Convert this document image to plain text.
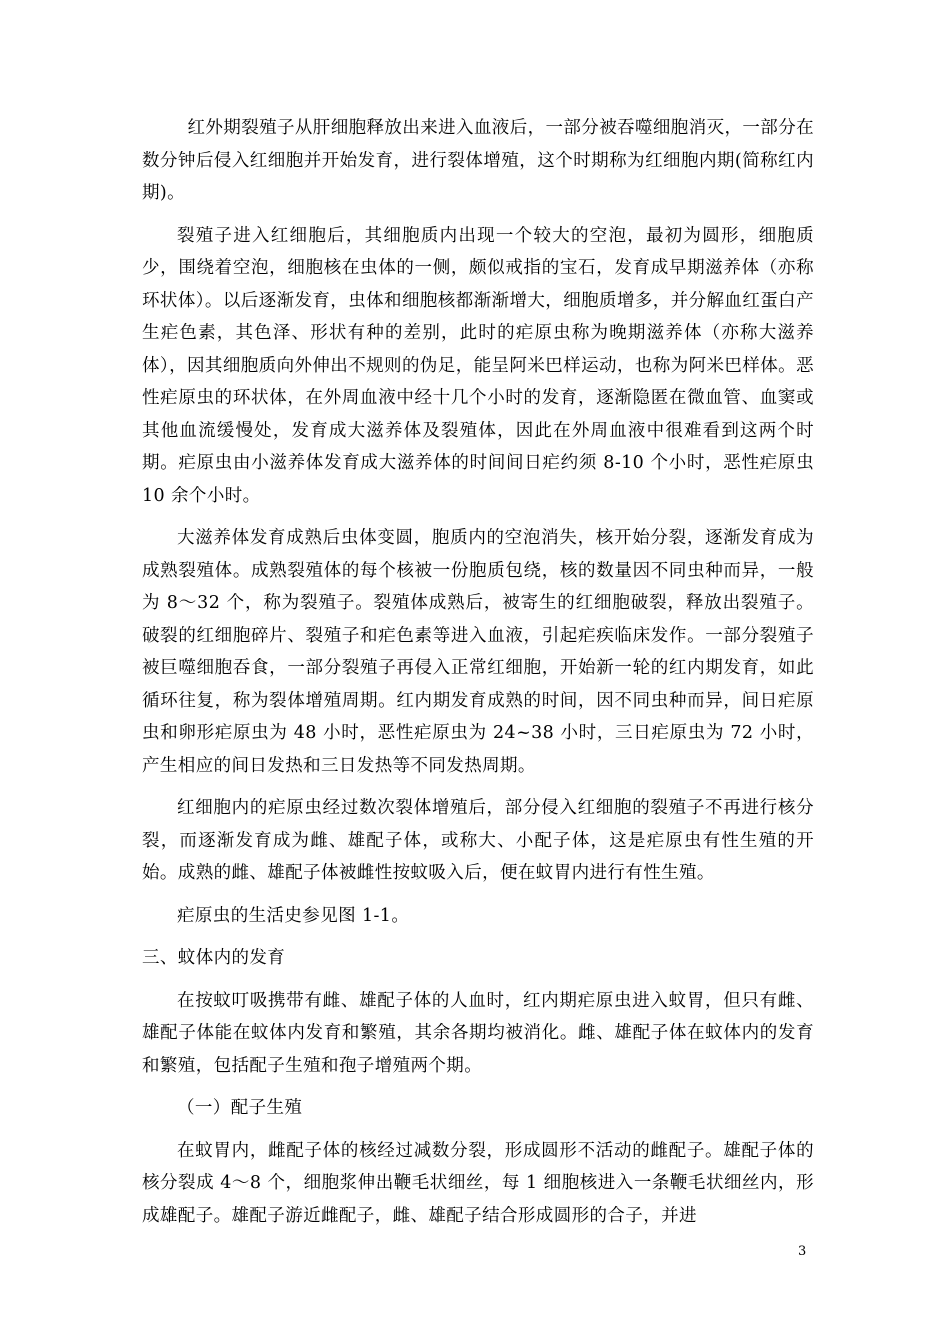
红外期裂殖子从肝细胞释放出来进入血液后，一部分被吞噬细胞消灭，一部分在数分钟后侵入红细胞并开始发育，进行裂体增殖，这个时期称为红细胞内期(简称红内期)。

裂殖子进入红细胞后，其细胞质内出现一个较大的空泡，最初为圆形，细胞质少，围绕着空泡，细胞核在虫体的一侧，颇似戒指的宝石，发育成早期滋养体（亦称环状体）。以后逐渐发育，虫体和细胞核都渐渐增大，细胞质增多，并分解血红蛋白产生疟色素，其色泽、形状有种的差别，此时的疟原虫称为晚期滋养体（亦称大滋养体），因其细胞质向外伸出不规则的伪足，能呈阿米巴样运动，也称为阿米巴样体。恶性疟原虫的环状体，在外周血液中经十几个小时的发育，逐渐隐匿在微血管、血窦或其他血流缓慢处，发育成大滋养体及裂殖体，因此在外周血液中很难看到这两个时期。疟原虫由小滋养体发育成大滋养体的时间间日疟约须 8-10 个小时，恶性疟原虫 10 余个小时。

大滋养体发育成熟后虫体变圆，胞质内的空泡消失，核开始分裂，逐渐发育成为成熟裂殖体。成熟裂殖体的每个核被一份胞质包绕，核的数量因不同虫种而异，一般为 8～32 个，称为裂殖子。裂殖体成熟后，被寄生的红细胞破裂，释放出裂殖子。破裂的红细胞碎片、裂殖子和疟色素等进入血液，引起疟疾临床发作。一部分裂殖子被巨噬细胞吞食，一部分裂殖子再侵入正常红细胞，开始新一轮的红内期发育，如此循环往复，称为裂体增殖周期。红内期发育成熟的时间，因不同虫种而异，间日疟原虫和卵形疟原虫为 48 小时，恶性疟原虫为 24~38 小时，三日疟原虫为 72 小时，产生相应的间日发热和三日发热等不同发热周期。

红细胞内的疟原虫经过数次裂体增殖后，部分侵入红细胞的裂殖子不再进行核分裂，而逐渐发育成为雌、雄配子体，或称大、小配子体，这是疟原虫有性生殖的开始。成熟的雌、雄配子体被雌性按蚊吸入后，便在蚊胃内进行有性生殖。

疟原虫的生活史参见图 1-1。

三、蚊体内的发育

在按蚊叮吸携带有雌、雄配子体的人血时，红内期疟原虫进入蚊胃，但只有雌、雄配子体能在蚊体内发育和繁殖，其余各期均被消化。雌、雄配子体在蚊体内的发育和繁殖，包括配子生殖和孢子增殖两个期。

（一）配子生殖

在蚊胃内，雌配子体的核经过减数分裂，形成圆形不活动的雌配子。雄配子体的核分裂成 4～8 个，细胞浆伸出鞭毛状细丝，每 1 细胞核进入一条鞭毛状细丝内，形成雄配子。雄配子游近雌配子，雌、雄配子结合形成圆形的合子，并进

3
